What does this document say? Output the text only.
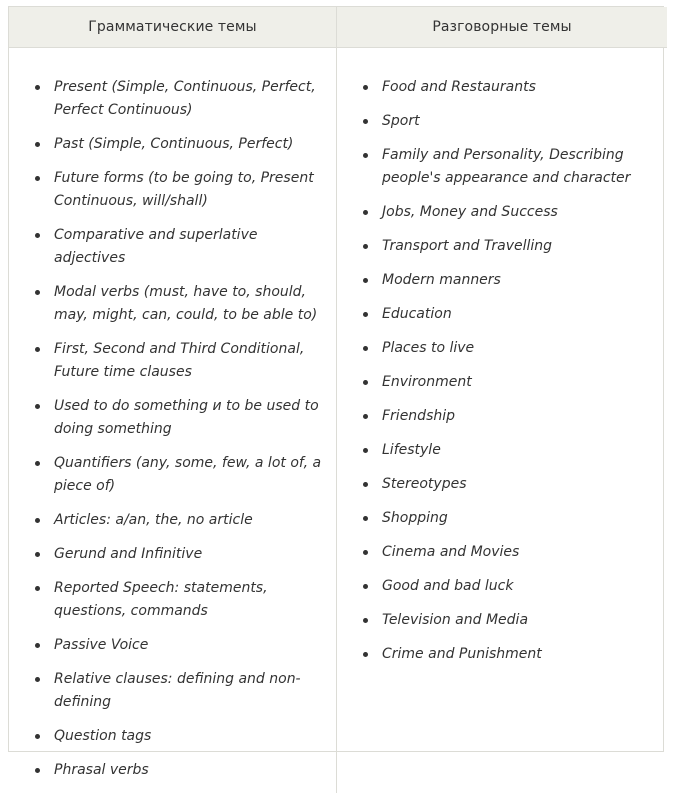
Грамматические темы	Разговорные темы
Present (Simple, Continuous, Perfect, Perfect Continuous)
Past (Simple, Continuous, Perfect)
Future forms (to be going to, Present Continuous, will/shall)
Comparative and superlative adjectives
Modal verbs (must, have to, should, may, might, can, could, to be able to)
First, Second and Third Conditional, Future time clauses
Used to do something и to be used to doing something
Quantifiers (any, some, few, a lot of, a piece of)
Articles: a/an, the, no article
Gerund and Infinitive
Reported Speech: statements, questions, commands
Passive Voice
Relative clauses: defining and non-defining
Question tags
Phrasal verbs
Food and Restaurants
Sport
Family and Personality, Describing people's appearance and character
Jobs, Money and Success
Transport and Travelling
Modern manners
Education
Places to live
Environment
Friendship
Lifestyle
Stereotypes
Shopping
Cinema and Movies
Good and bad luck
Television and Media
Crime and Punishment
